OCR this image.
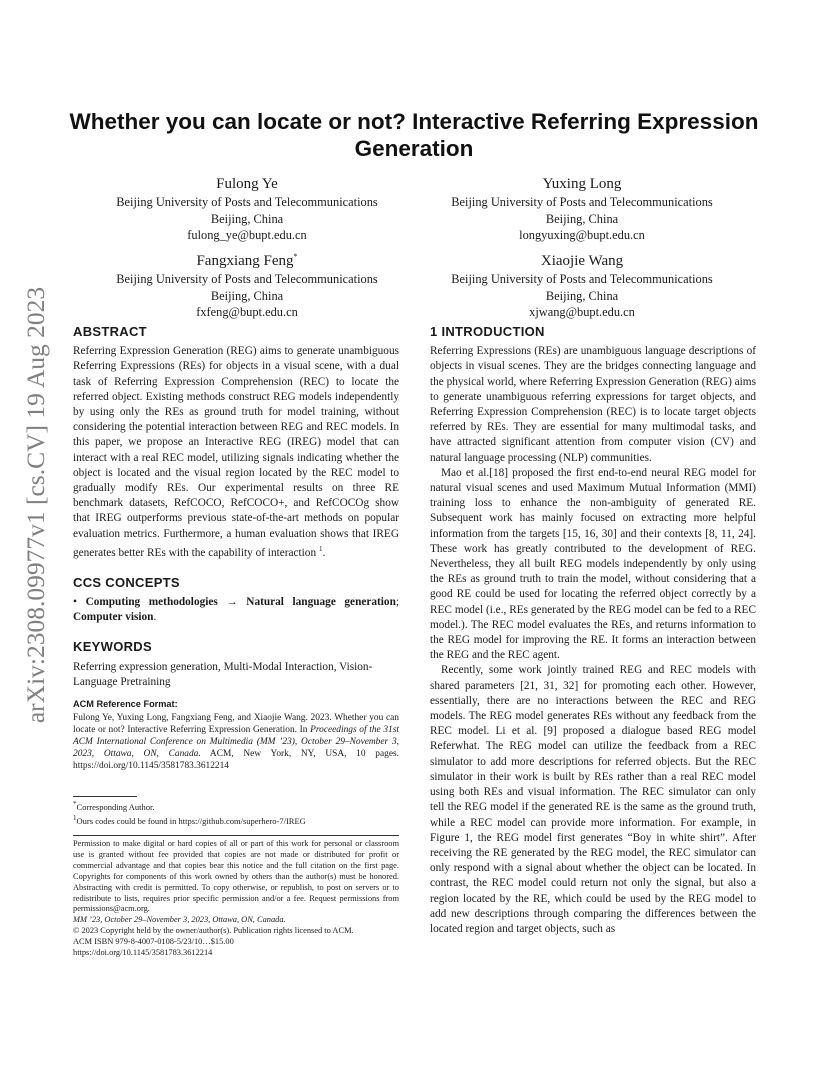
Whether you can locate or not? Interactive Referring Expression Generation
Fulong Ye
Beijing University of Posts and Telecommunications
Beijing, China
fulong_ye@bupt.edu.cn
Yuxing Long
Beijing University of Posts and Telecommunications
Beijing, China
longyuxing@bupt.edu.cn
Fangxiang Feng*
Beijing University of Posts and Telecommunications
Beijing, China
fxfeng@bupt.edu.cn
Xiaojie Wang
Beijing University of Posts and Telecommunications
Beijing, China
xjwang@bupt.edu.cn
arXiv:2308.09977v1 [cs.CV] 19 Aug 2023 ABSTRACT

Referring Expression Generation (REG) aims to generate unambiguous Referring Expressions (REs) for objects in a visual scene, with a dual task of Referring Expression Comprehension (REC) to locate the referred object. Existing methods construct REG models independently by using only the REs as ground truth for model training, without considering the potential interaction between REG and REC models. In this paper, we propose an Interactive REG (IREG) model that can interact with a real REC model, utilizing signals indicating whether the object is located and the visual region located by the REC model to gradually modify REs. Our experimental results on three RE benchmark datasets, RefCOCO, RefCOCO+, and RefCOCOg show that IREG outperforms previous state-of-the-art methods on popular evaluation metrics. Furthermore, a human evaluation shows that IREG generates better REs with the capability of interaction $^1$.

CCS CONCEPTS

• Computing methodologies → Natural language generation; Computer vision.

KEYWORDS

Referring expression generation, Multi-Modal Interaction, Vision-Language Pretraining

ACM Reference Format:

Fulong Ye, Yuxing Long, Fangxiang Feng, and Xiaojie Wang. 2023. Whether you can locate or not? Interactive Referring Expression Generation. In Proceedings of the 31st ACM International Conference on Multimedia (MM ’23), October 29–November 3, 2023, Ottawa, ON, Canada. ACM, New York, NY, USA, 10 pages. https://doi.org/10.1145/3581783.3612214

*Corresponding Author.

$^1$Ours codes could be found in https://github.com/superhero-7/IREG

Permission to make digital or hard copies of all or part of this work for personal or classroom use is granted without fee provided that copies are not made or distributed for profit or commercial advantage and that copies bear this notice and the full citation on the first page. Copyrights for components of this work owned by others than the author(s) must be honored. Abstracting with credit is permitted. To copy otherwise, or republish, to post on servers or to redistribute to lists, requires prior specific permission and/or a fee. Request permissions from permissions@acm.org.

MM ’23, October 29–November 3, 2023, Ottawa, ON, Canada.

© 2023 Copyright held by the owner/author(s). Publication rights licensed to ACM.

ACM ISBN 979-8-4007-0108-5/23/10…$15.00

https://doi.org/10.1145/3581783.3612214

1 INTRODUCTION

Referring Expressions (REs) are unambiguous language descriptions of objects in visual scenes. They are the bridges connecting language and the physical world, where Referring Expression Generation (REG) aims to generate unambiguous referring expressions for target objects, and Referring Expression Comprehension (REC) is to locate target objects referred by REs. They are essential for many multimodal tasks, and have attracted significant attention from computer vision (CV) and natural language processing (NLP) communities.

Mao et al.[18] proposed the first end-to-end neural REG model for natural visual scenes and used Maximum Mutual Information (MMI) training loss to enhance the non-ambiguity of generated RE. Subsequent work has mainly focused on extracting more helpful information from the targets [15, 16, 30] and their contexts [8, 11, 24]. These work has greatly contributed to the development of REG. Nevertheless, they all built REG models independently by only using the REs as ground truth to train the model, without considering that a good RE could be used for locating the referred object correctly by a REC model (i.e., REs generated by the REG model can be fed to a REC model.). The REC model evaluates the REs, and returns information to the REG model for improving the RE. It forms an interaction between the REG and the REC agent.

Recently, some work jointly trained REG and REC models with shared parameters [21, 31, 32] for promoting each other. However, essentially, there are no interactions between the REC and REG models. The REG model generates REs without any feedback from the REC model. Li et al. [9] proposed a dialogue based REG model Referwhat. The REG model can utilize the feedback from a REC simulator to add more descriptions for referred objects. But the REC simulator in their work is built by REs rather than a real REC model using both REs and visual information. The REC simulator can only tell the REG model if the generated RE is the same as the ground truth, while a REC model can provide more information. For example, in Figure 1, the REG model first generates “Boy in white shirt”. After receiving the RE generated by the REG model, the REC simulator can only respond with a signal about whether the object can be located. In contrast, the REC model could return not only the signal, but also a region located by the RE, which could be used by the REG model to add new descriptions through comparing the differences between the located region and target objects, such as
